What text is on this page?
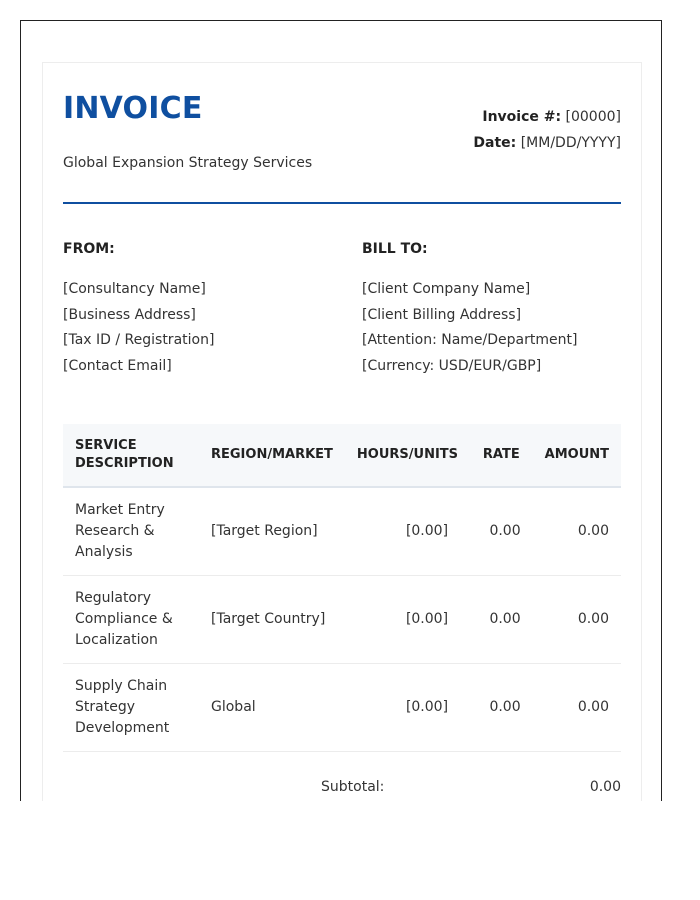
INVOICE
Global Expansion Strategy Services
Invoice #: [00000]
Date: [MM/DD/YYYY]
FROM:
[Consultancy Name]
[Business Address]
[Tax ID / Registration]
[Contact Email]
BILL TO:
[Client Company Name]
[Client Billing Address]
[Attention: Name/Department]
[Currency: USD/EUR/GBP]
SERVICE DESCRIPTION	REGION/MARKET	HOURS/UNITS	RATE	AMOUNT
Market Entry Research & Analysis	[Target Region]	[0.00]	0.00	0.00
Regulatory Compliance & Localization	[Target Country]	[0.00]	0.00	0.00
Supply Chain Strategy Development	Global	[0.00]	0.00	0.00
Subtotal:	0.00
